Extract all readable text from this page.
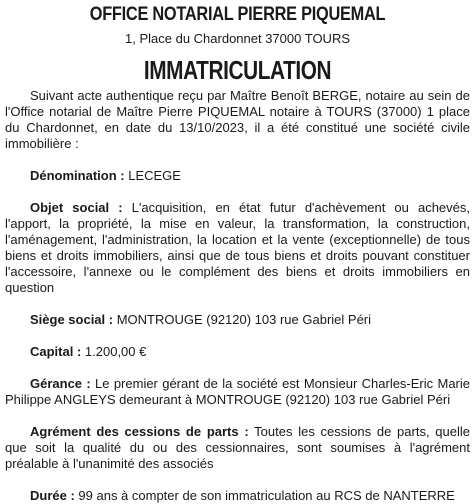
OFFICE NOTARIAL PIERRE PIQUEMAL
1, Place du Chardonnet 37000 TOURS
IMMATRICULATION

Suivant acte authentique reçu par Maître Benoît BERGE, notaire au sein de l'Office notarial de Maître Pierre PIQUEMAL notaire à TOURS (37000) 1 place du Chardonnet, en date du 13/10/2023, il a été constitué une société civile immobilière :

Dénomination : LECEGE

Objet social : L'acquisition, en état futur d'achèvement ou achevés, l'apport, la propriété, la mise en valeur, la transformation, la construction, l'aménagement, l'administration, la location et la vente (exceptionnelle) de tous biens et droits immobiliers, ainsi que de tous biens et droits pouvant constituer l'accessoire, l'annexe ou le complément des biens et droits immobiliers en question

Siège social : MONTROUGE (92120) 103 rue Gabriel Péri

Capital : 1.200,00 €

Gérance : Le premier gérant de la société est Monsieur Charles-Eric Marie Philippe ANGLEYS demeurant à MONTROUGE (92120) 103 rue Gabriel Péri

Agrément des cessions de parts : Toutes les cessions de parts, quelle que soit la qualité du ou des cessionnaires, sont soumises à l'agrément préalable à l'unanimité des associés

Durée : 99 ans à compter de son immatriculation au RCS de NANTERRE
